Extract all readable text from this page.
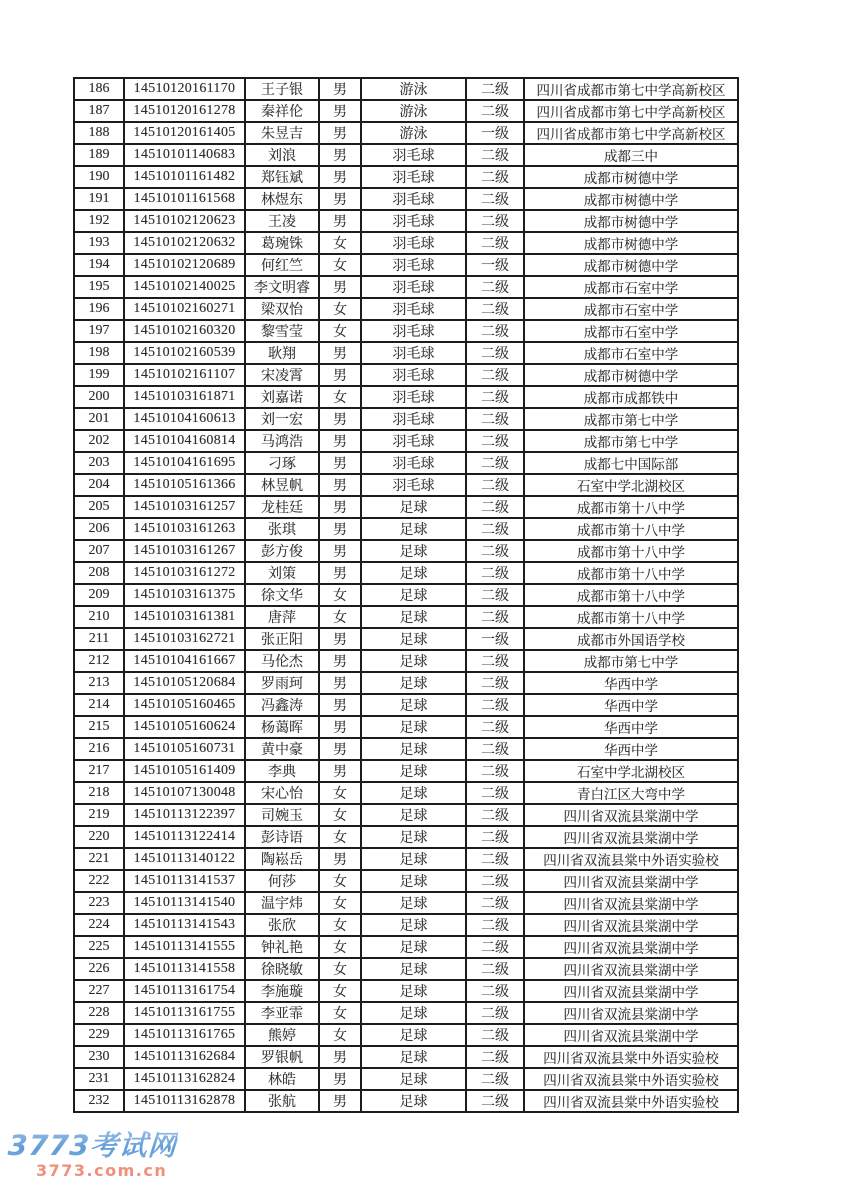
186	14510120161170	王子银	男	游泳	二级	四川省成都市第七中学高新校区
187	14510120161278	秦祥伦	男	游泳	二级	四川省成都市第七中学高新校区
188	14510120161405	朱昱吉	男	游泳	一级	四川省成都市第七中学高新校区
189	14510101140683	刘浪	男	羽毛球	二级	成都三中
190	14510101161482	郑钰斌	男	羽毛球	二级	成都市树德中学
191	14510101161568	林煜东	男	羽毛球	二级	成都市树德中学
192	14510102120623	王凌	男	羽毛球	二级	成都市树德中学
193	14510102120632	葛琬铢	女	羽毛球	二级	成都市树德中学
194	14510102120689	何红竺	女	羽毛球	一级	成都市树德中学
195	14510102140025	李文明睿	男	羽毛球	二级	成都市石室中学
196	14510102160271	梁双怡	女	羽毛球	二级	成都市石室中学
197	14510102160320	黎雪莹	女	羽毛球	二级	成都市石室中学
198	14510102160539	耿翔	男	羽毛球	二级	成都市石室中学
199	14510102161107	宋凌霄	男	羽毛球	二级	成都市树德中学
200	14510103161871	刘嘉诺	女	羽毛球	二级	成都市成都铁中
201	14510104160613	刘一宏	男	羽毛球	二级	成都市第七中学
202	14510104160814	马鸿浩	男	羽毛球	二级	成都市第七中学
203	14510104161695	刁琢	男	羽毛球	二级	成都七中国际部
204	14510105161366	林昱帆	男	羽毛球	二级	石室中学北湖校区
205	14510103161257	龙桂廷	男	足球	二级	成都市第十八中学
206	14510103161263	张琪	男	足球	二级	成都市第十八中学
207	14510103161267	彭方俊	男	足球	二级	成都市第十八中学
208	14510103161272	刘策	男	足球	二级	成都市第十八中学
209	14510103161375	徐文华	女	足球	二级	成都市第十八中学
210	14510103161381	唐萍	女	足球	二级	成都市第十八中学
211	14510103162721	张正阳	男	足球	一级	成都市外国语学校
212	14510104161667	马伦杰	男	足球	二级	成都市第七中学
213	14510105120684	罗雨珂	男	足球	二级	华西中学
214	14510105160465	冯鑫涛	男	足球	二级	华西中学
215	14510105160624	杨蔼晖	男	足球	二级	华西中学
216	14510105160731	黄中豪	男	足球	二级	华西中学
217	14510105161409	李典	男	足球	二级	石室中学北湖校区
218	14510107130048	宋心怡	女	足球	二级	青白江区大弯中学
219	14510113122397	司婉玉	女	足球	二级	四川省双流县棠湖中学
220	14510113122414	彭诗语	女	足球	二级	四川省双流县棠湖中学
221	14510113140122	陶崧岳	男	足球	二级	四川省双流县棠中外语实验校
222	14510113141537	何莎	女	足球	二级	四川省双流县棠湖中学
223	14510113141540	温宇炜	女	足球	二级	四川省双流县棠湖中学
224	14510113141543	张欣	女	足球	二级	四川省双流县棠湖中学
225	14510113141555	钟礼艳	女	足球	二级	四川省双流县棠湖中学
226	14510113141558	徐晓敏	女	足球	二级	四川省双流县棠湖中学
227	14510113161754	李施璇	女	足球	二级	四川省双流县棠湖中学
228	14510113161755	李亚霏	女	足球	二级	四川省双流县棠湖中学
229	14510113161765	熊婷	女	足球	二级	四川省双流县棠湖中学
230	14510113162684	罗银帆	男	足球	二级	四川省双流县棠中外语实验校
231	14510113162824	林皓	男	足球	二级	四川省双流县棠中外语实验校
232	14510113162878	张航	男	足球	二级	四川省双流县棠中外语实验校
3773考试网
3773.com.cn
